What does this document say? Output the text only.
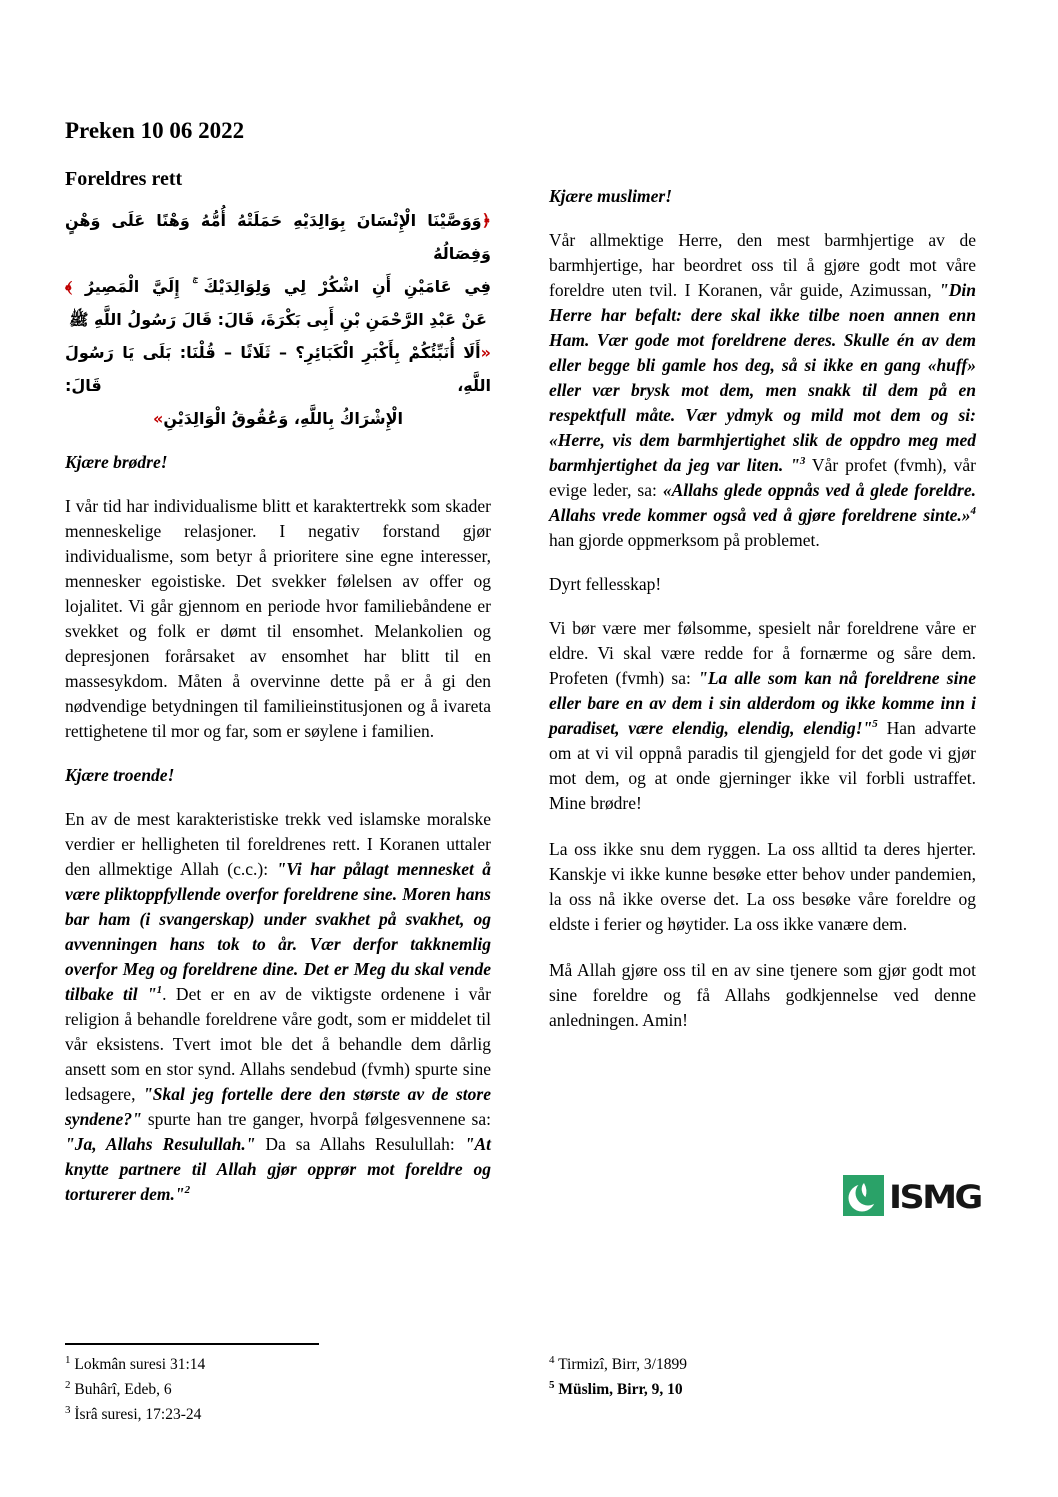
Preken 10 06 2022
Foreldres rett
﴿وَوَصَّيْنَا الْإِنْسَانَ بِوَالِدَيْهِ حَمَلَتْهُ أُمُّهُ وَهْنًا عَلَى وَهْنٍ وَفِصَالُهُ
فِي عَامَيْنِ أَنِ اشْكُرْ لِي وَلِوَالِدَيْكَ ۚ إِلَيَّ الْمَصِيرُ ﴾
عَنْ عَبْدِ الرَّحْمَنِ بْنِ أَبِى بَكْرَةَ، قَالَ: قَالَ رَسُولُ اللَّهِ ﷺ
«أَلَا أُنَبِّئُكُمْ بِأَكْبَرِ الْكَبَائِرِ؟ – ثَلَاثًا – قُلْنَا: بَلَى يَا رَسُولَ اللَّهِ، قَالَ:
الْإِشْرَاكُ بِاللَّهِ، وَعُقُوقُ الْوَالِدَيْنِ»

Kjære brødre!

I vår tid har individualisme blitt et karaktertrekk som skader menneskelige relasjoner. I negativ forstand gjør individualisme, som betyr å prioritere sine egne interesser, mennesker egoistiske. Det svekker følelsen av offer og lojalitet. Vi går gjennom en periode hvor familiebåndene er svekket og folk er dømt til ensomhet. Melankolien og depresjonen forårsaket av ensomhet har blitt til en massesykdom. Måten å overvinne dette på er å gi den nødvendige betydningen til familieinstitusjonen og å ivareta rettighetene til mor og far, som er søylene i familien.

Kjære troende!

En av de mest karakteristiske trekk ved islamske moralske verdier er helligheten til foreldrenes rett. I Koranen uttaler den allmektige Allah (c.c.): "Vi har pålagt mennesket å være pliktoppfyllende overfor foreldrene sine. Moren hans bar ham (i svangerskap) under svakhet på svakhet, og avvenningen hans tok to år. Vær derfor takknemlig overfor Meg og foreldrene dine. Det er Meg du skal vende tilbake til "$^1$. Det er en av de viktigste ordenene i vår religion å behandle foreldrene våre godt, som er middelet til vår eksistens. Tvert imot ble det å behandle dem dårlig ansett som en stor synd. Allahs sendebud (fvmh) spurte sine ledsagere, "Skal jeg fortelle dere den største av de store syndene?" spurte han tre ganger, hvorpå følgesvennene sa: "Ja, Allahs Resulullah." Da sa Allahs Resulullah: "At knytte partnere til Allah gjør opprør mot foreldre og torturerer dem."$^2$

Kjære muslimer!

Vår allmektige Herre, den mest barmhjertige av de barmhjertige, har beordret oss til å gjøre godt mot våre foreldre uten tvil. I Koranen, vår guide, Azimussan, "Din Herre har befalt: dere skal ikke tilbe noen annen enn Ham. Vær gode mot foreldrene deres. Skulle én av dem eller begge bli gamle hos deg, så si ikke en gang «huff» eller vær brysk mot dem, men snakk til dem på en respektfull måte. Vær ydmyk og mild mot dem og si: «Herre, vis dem barmhjertighet slik de oppdro meg med barmhjertighet da jeg var liten. "$^3$ Vår profet (fvmh), vår evige leder, sa: «Allahs glede oppnås ved å glede foreldre. Allahs vrede kommer også ved å gjøre foreldrene sinte.»$^4$ han gjorde oppmerksom på problemet.

Dyrt fellesskap!

Vi bør være mer følsomme, spesielt når foreldrene våre er eldre. Vi skal være redde for å fornærme og såre dem. Profeten (fvmh) sa: "La alle som kan nå foreldrene sine eller bare en av dem i sin alderdom og ikke komme inn i paradiset, være elendig, elendig, elendig!"$^5$ Han advarte om at vi vil oppnå paradis til gjengjeld for det gode vi gjør mot dem, og at onde gjerninger ikke vil forbli ustraffet. Mine brødre!

La oss ikke snu dem ryggen. La oss alltid ta deres hjerter. Kanskje vi ikke kunne besøke etter behov under pandemien, la oss nå ikke overse det. La oss besøke våre foreldre og eldste i ferier og høytider. La oss ikke vanære dem.

Må Allah gjøre oss til en av sine tjenere som gjør godt mot sine foreldre og få Allahs godkjennelse ved denne anledningen. Amin!

ISMG

$^1$ Lokmân suresi 31:14

$^2$ Buhârî, Edeb, 6

$^3$ İsrâ suresi, 17:23-24

$^4$ Tirmizî, Birr, 3/1899

$^5$ Müslim, Birr, 9, 10
